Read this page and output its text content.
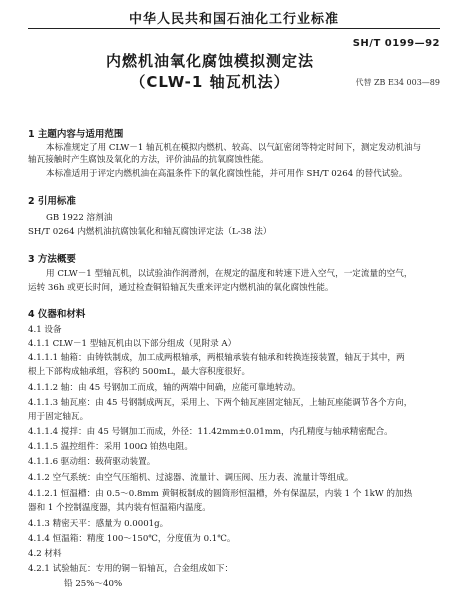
中华人民共和国石油化工行业标准
SH/T 0199—92
内燃机油氧化腐蚀模拟测定法
（CLW-1 轴瓦机法）	代替 ZB E34 003—89
1 主题内容与适用范围
本标准规定了用 CLW－1 轴瓦机在模拟内燃机、较高、以气缸密闭等特定时间下，测定发动机油与
轴瓦接触时产生腐蚀及氧化的方法，评价油品的抗氧腐蚀性能。
本标准适用于评定内燃机油在高温条件下的氧化腐蚀性能，并可用作 SH/T 0264 的替代试验。
2 引用标准
GB 1922 溶剂油
SH/T 0264 内燃机油抗腐蚀氧化和轴瓦腐蚀评定法（L-38 法）
3 方法概要
用 CLW－1 型轴瓦机，以试验油作润滑剂，在规定的温度和转速下进入空气，一定流量的空气，
运转 36h 或更长时间，通过检查铜铅轴瓦失重来评定内燃机油的氧化腐蚀性能。
4 仪器和材料
4.1 设备
4.1.1 CLW－1 型轴瓦机由以下部分组成（见附录 A）
4.1.1.1 轴箱：由铸铁制成，加工成两根轴承，两根轴承装有轴承和转换连接装置，轴瓦于其中，两
根上下部构成轴承组，容积约 500mL，最大容积度很好。
4.1.1.2 轴：由 45 号钢加工而成，轴的两端中间确，应能可靠地转动。
4.1.1.3 轴瓦座：由 45 号钢制成两瓦，采用上、下两个轴瓦座固定轴瓦，上轴瓦座能调节各个方向，
用于固定轴瓦。
4.1.1.4 搅拌：由 45 号钢加工而成，外径：11.42mm±0.01mm，内孔精度与轴承精密配合。
4.1.1.5 温控组件：采用 100Ω 铂热电阻。
4.1.1.6 驱动组：载荷驱动装置。
4.1.2 空气系统：由空气压缩机、过滤器、流量计、调压阀、压力表、流量计等组成。
4.1.2.1 恒温槽：由 0.5～0.8mm 黄铜板制成的圆筒形恒温槽，外有保温层，内装 1 个 1kW 的加热
器和 1 个控制温度器，其内装有恒温箱内温度。
4.1.3 精密天平：感量为 0.0001g。
4.1.4 恒温箱：精度 100～150℃，分度值为 0.1℃。
4.2 材料
4.2.1 试验轴瓦：专用的铜－铅轴瓦，合金组成如下：
铅 25%～40%
